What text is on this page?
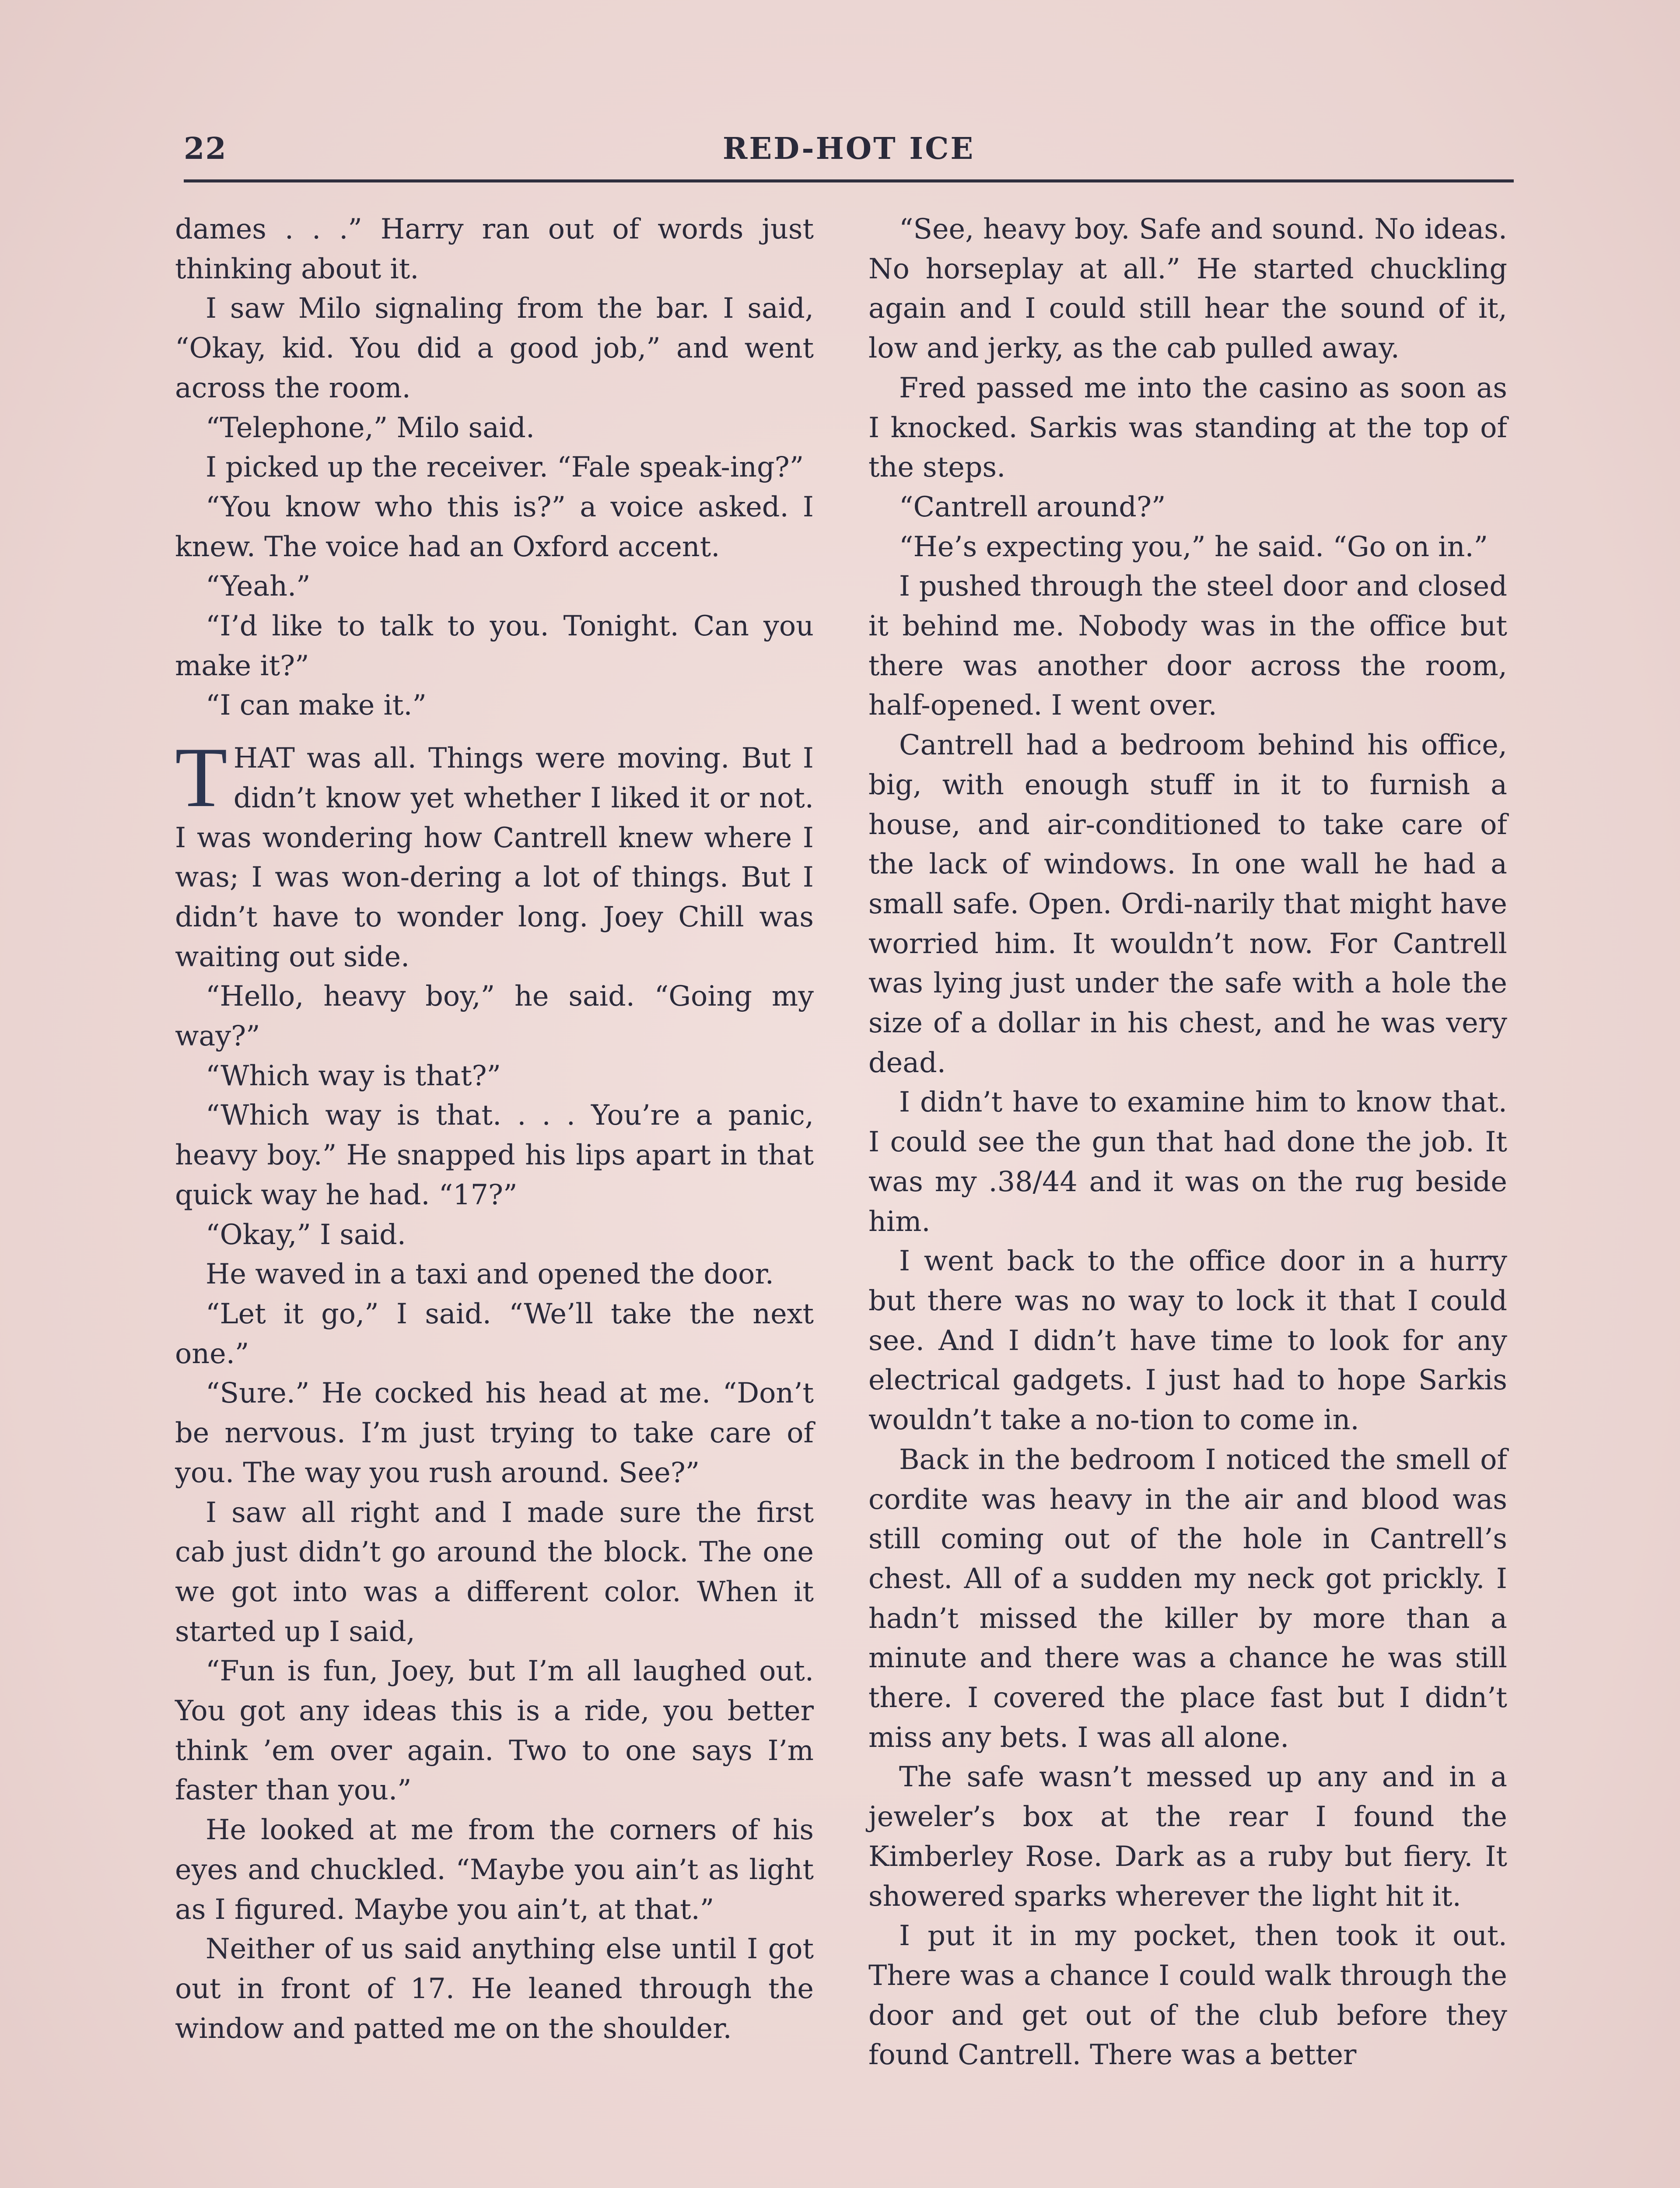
22	RED-HOT ICE

dames . . .” Harry ran out of words just thinking about it.

I saw Milo signaling from the bar. I said, “Okay, kid. You did a good job,” and went across the room.

“Telephone,” Milo said.

I picked up the receiver. “Fale speak-ing?”

“You know who this is?” a voice asked. I knew. The voice had an Oxford accent.

“Yeah.”

“I’d like to talk to you. Tonight. Can you make it?”

“I can make it.”

THAT was all. Things were moving. But I didn’t know yet whether I liked it or not. I was wondering how Cantrell knew where I was; I was won-dering a lot of things. But I didn’t have to wonder long. Joey Chill was waiting out side.

“Hello, heavy boy,” he said. “Going my way?”

“Which way is that?”

“Which way is that. . . . You’re a panic, heavy boy.” He snapped his lips apart in that quick way he had. “17?”

“Okay,” I said.

He waved in a taxi and opened the door.

“Let it go,” I said. “We’ll take the next one.”

“Sure.” He cocked his head at me. “Don’t be nervous. I’m just trying to take care of you. The way you rush around. See?”

I saw all right and I made sure the first cab just didn’t go around the block. The one we got into was a different color. When it started up I said,

“Fun is fun, Joey, but I’m all laughed out. You got any ideas this is a ride, you better think ’em over again. Two to one says I’m faster than you.”

He looked at me from the corners of his eyes and chuckled. “Maybe you ain’t as light as I figured. Maybe you ain’t, at that.”

Neither of us said anything else until I got out in front of 17. He leaned through the window and patted me on the shoulder.

“See, heavy boy. Safe and sound. No ideas. No horseplay at all.” He started chuckling again and I could still hear the sound of it, low and jerky, as the cab pulled away.

Fred passed me into the casino as soon as I knocked. Sarkis was standing at the top of the steps.

“Cantrell around?”

“He’s expecting you,” he said. “Go on in.”

I pushed through the steel door and closed it behind me. Nobody was in the office but there was another door across the room, half-opened. I went over.

Cantrell had a bedroom behind his office, big, with enough stuff in it to furnish a house, and air-conditioned to take care of the lack of windows. In one wall he had a small safe. Open. Ordi-narily that might have worried him. It wouldn’t now. For Cantrell was lying just under the safe with a hole the size of a dollar in his chest, and he was very dead.

I didn’t have to examine him to know that. I could see the gun that had done the job. It was my .38/44 and it was on the rug beside him.

I went back to the office door in a hurry but there was no way to lock it that I could see. And I didn’t have time to look for any electrical gadgets. I just had to hope Sarkis wouldn’t take a no-tion to come in.

Back in the bedroom I noticed the smell of cordite was heavy in the air and blood was still coming out of the hole in Cantrell’s chest. All of a sudden my neck got prickly. I hadn’t missed the killer by more than a minute and there was a chance he was still there. I covered the place fast but I didn’t miss any bets. I was all alone.

The safe wasn’t messed up any and in a jeweler’s box at the rear I found the Kimberley Rose. Dark as a ruby but fiery. It showered sparks wherever the light hit it.

I put it in my pocket, then took it out. There was a chance I could walk through the door and get out of the club before they found Cantrell. There was a better
